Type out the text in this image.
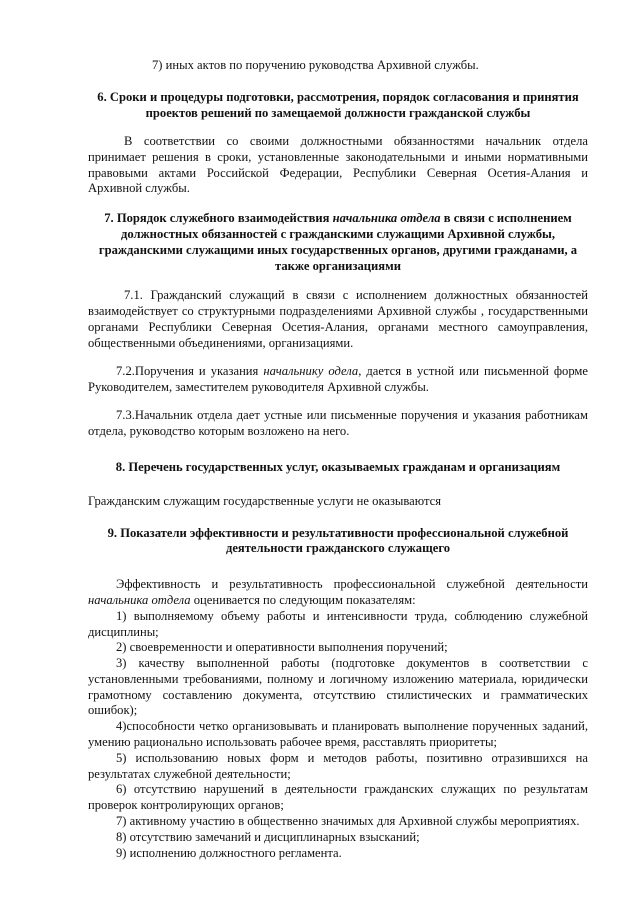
7) иных актов по поручению руководства Архивной службы.

6. Сроки и процедуры подготовки, рассмотрения, порядок согласования и принятия проектов решений по замещаемой должности гражданской службы

В соответствии со своими должностными обязанностями начальник отдела принимает решения в сроки, установленные законодательными и иными нормативными правовыми актами Российской Федерации, Республики Северная Осетия-Алания и Архивной службы.

7. Порядок служебного взаимодействия начальника отдела в связи с исполнением должностных обязанностей с гражданскими служащими Архивной службы, гражданскими служащими иных государственных органов, другими гражданами, а также организациями

7.1. Гражданский служащий в связи с исполнением должностных обязанностей взаимодействует со структурными подразделениями Архивной службы , государственными органами Республики Северная Осетия-Алания, органами местного самоуправления, общественными объединениями, организациями.

7.2.Поручения и указания начальнику одела, дается в устной или письменной форме Руководителем, заместителем руководителя Архивной службы.

7.3.Начальник отдела дает устные или письменные поручения и указания работникам отдела, руководство которым возложено на него.

8. Перечень государственных услуг, оказываемых гражданам и организациям

Гражданским служащим государственные услуги не оказываются

9. Показатели эффективности и результативности профессиональной служебной деятельности гражданского служащего

Эффективность и результативность профессиональной служебной деятельности начальника отдела оценивается по следующим показателям:

1) выполняемому объему работы и интенсивности труда, соблюдению служебной дисциплины;

2) своевременности и оперативности выполнения поручений;

3) качеству выполненной работы (подготовке документов в соответствии с установленными требованиями, полному и логичному изложению материала, юридически грамотному составлению документа, отсутствию стилистических и грамматических ошибок);

4)способности четко организовывать и планировать выполнение порученных заданий, умению рационально использовать рабочее время, расставлять приоритеты;

5) использованию новых форм и методов работы, позитивно отразившихся на результатах служебной деятельности;

6) отсутствию нарушений в деятельности гражданских служащих по результатам проверок контролирующих органов;

7) активному участию в общественно значимых для Архивной службы мероприятиях.

8) отсутствию замечаний и дисциплинарных взысканий;

9) исполнению должностного регламента.
